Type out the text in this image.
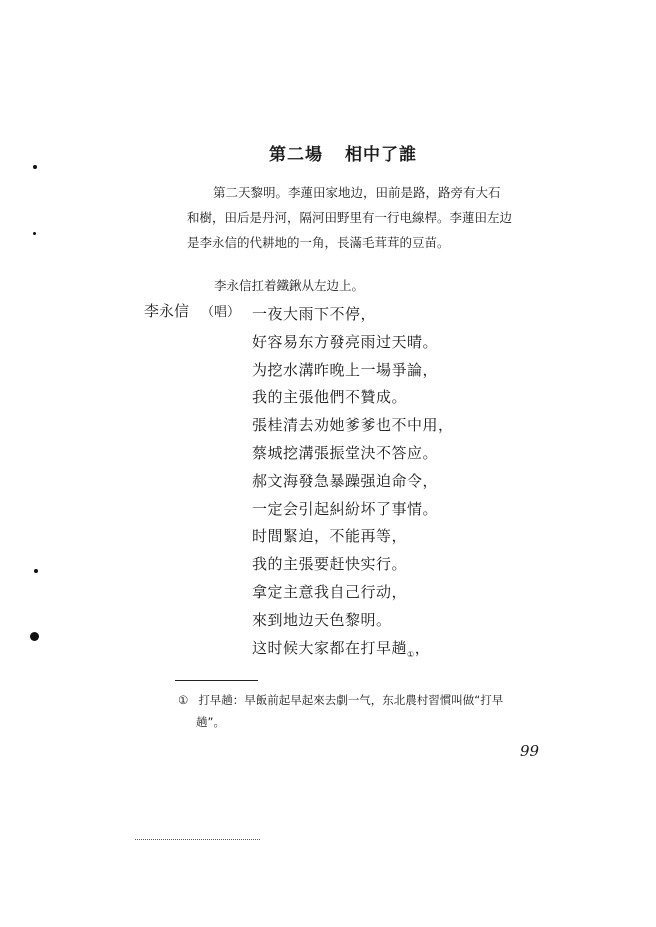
第二場 相中了誰
第二天黎明。李蓮田家地边，田前是路，路旁有大石
和樹，田后是丹河，隔河田野里有一行电線桿。李蓮田左边
是李永信的代耕地的一角，長滿毛茸茸的豆苗。
李永信扛着鐵鍬从左边上。
李永信 （唱） 一夜大雨下不停，
好容易东方發亮雨过天晴。
为挖水溝昨晚上一場爭論，
我的主張他們不贊成。
張桂清去劝她爹爹也不中用，
蔡城挖溝張振堂決不答应。
郝文海發急暴躁强迫命令，
一定会引起糾紛坏了事情。
时間緊迫，不能再等，
我的主張要赶快实行。
拿定主意我自己行动，
來到地边天色黎明。
这时候大家都在打早趟$_①$，
① 打早趟：早飯前起早起來去劇一气，东北農村習慣叫做“打早
趟”。
99
